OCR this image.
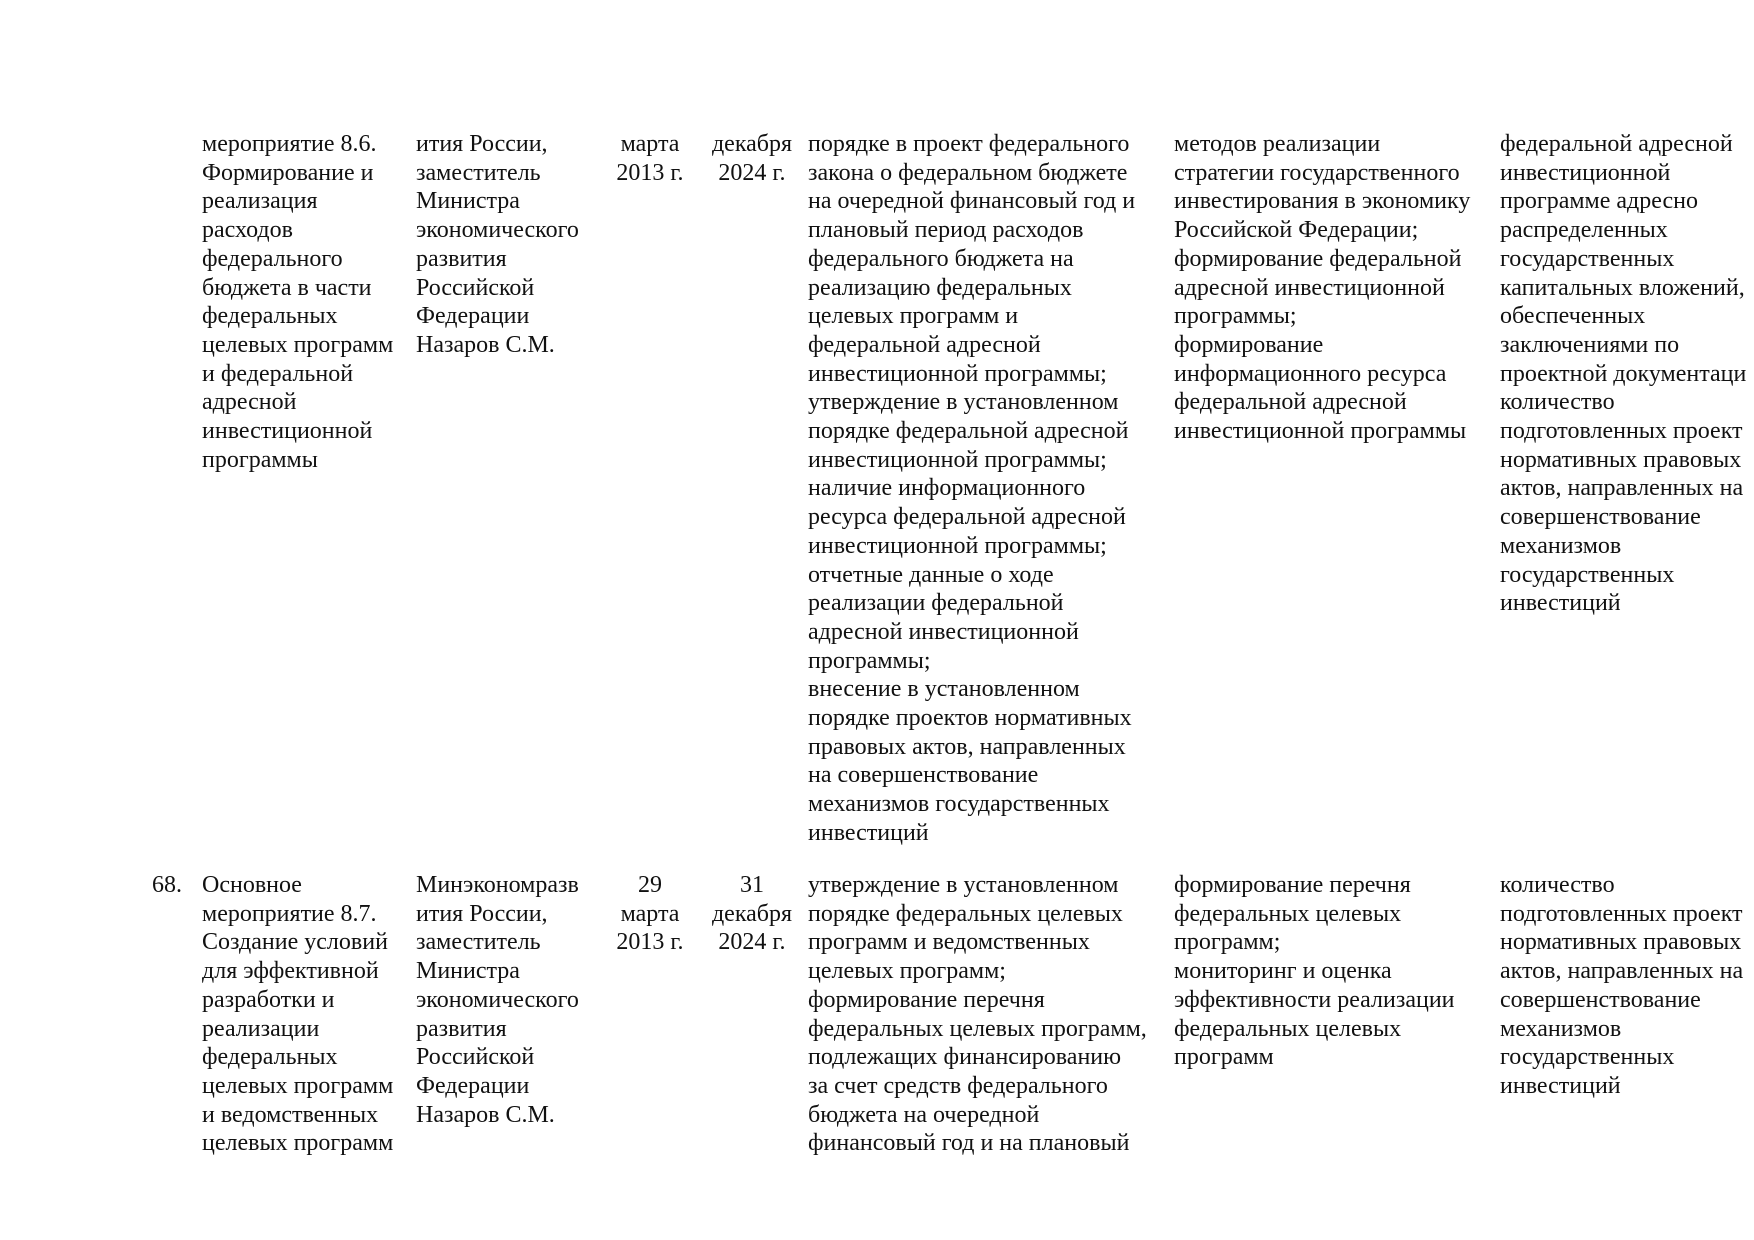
мероприятие 8.6.
Формирование и
реализация
расходов
федерального
бюджета в части
федеральных
целевых программ
и федеральной
адресной
инвестиционной
программы
ития России,
заместитель
Министра
экономического
развития
Российской
Федерации
Назаров С.М.
марта
2013 г.
декабря
2024 г.
порядке в проект федерального
закона о федеральном бюджете
на очередной финансовый год и
плановый период расходов
федерального бюджета на
реализацию федеральных
целевых программ и
федеральной адресной
инвестиционной программы;
утверждение в установленном
порядке федеральной адресной
инвестиционной программы;
наличие информационного
ресурса федеральной адресной
инвестиционной программы;
отчетные данные о ходе
реализации федеральной
адресной инвестиционной
программы;
внесение в установленном
порядке проектов нормативных
правовых актов, направленных
на совершенствование
механизмов государственных
инвестиций
методов реализации
стратегии государственного
инвестирования в экономику
Российской Федерации;
формирование федеральной
адресной инвестиционной
программы;
формирование
информационного ресурса
федеральной адресной
инвестиционной программы
федеральной адресной
инвестиционной
программе адресно
распределенных
государственных
капитальных вложений,
обеспеченных
заключениями по
проектной документаци
количество
подготовленных проект
нормативных правовых
актов, направленных на
совершенствование
механизмов
государственных
инвестиций
68. Основное
мероприятие 8.7.
Создание условий
для эффективной
разработки и
реализации
федеральных
целевых программ
и ведомственных
целевых программ
Минэкономразв
ития России,
заместитель
Министра
экономического
развития
Российской
Федерации
Назаров С.М.
29
марта
2013 г.
31
декабря
2024 г.
утверждение в установленном
порядке федеральных целевых
программ и ведомственных
целевых программ;
формирование перечня
федеральных целевых программ,
подлежащих финансированию
за счет средств федерального
бюджета на очередной
финансовый год и на плановый
формирование перечня
федеральных целевых
программ;
мониторинг и оценка
эффективности реализации
федеральных целевых
программ
количество
подготовленных проект
нормативных правовых
актов, направленных на
совершенствование
механизмов
государственных
инвестиций
